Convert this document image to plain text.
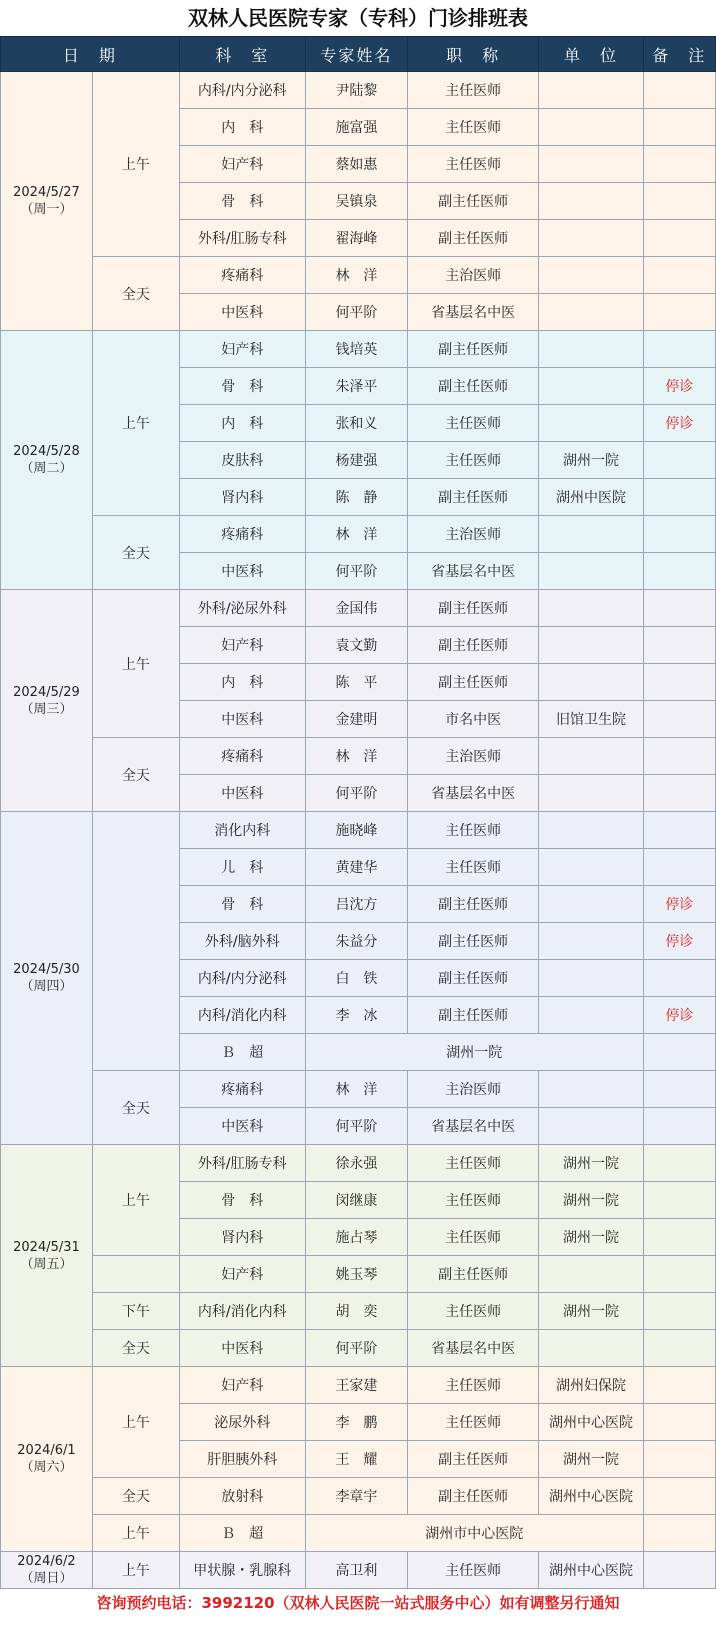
双林人民医院专家（专科）门诊排班表
日　期		科　室	专家姓名	职　称	单　位	备　注

2024/5/27
（周一）	上午	内科/内分泌科	尹陆黎	主任医师		
		内　科	施富强	主任医师		
		妇产科	蔡如惠	主任医师		
		骨　科	吴镇泉	副主任医师		
		外科/肛肠专科	翟海峰	副主任医师		
	全天	疼痛科	林　洋	主治医师		
		中医科	何平阶	省基层名中医		

2024/5/28
（周二）	上午	妇产科	钱培英	副主任医师		
		骨　科	朱泽平	副主任医师		停诊
		内　科	张和义	主任医师		停诊
		皮肤科	杨建强	主任医师	湖州一院	
		肾内科	陈　静	副主任医师	湖州中医院	
	全天	疼痛科	林　洋	主治医师		
		中医科	何平阶	省基层名中医		

2024/5/29
（周三）	上午	外科/泌尿外科	金国伟	副主任医师		
		妇产科	袁文勤	副主任医师		
		内　科	陈　平	副主任医师		
		中医科	金建明	市名中医	旧馆卫生院	
	全天	疼痛科	林　洋	主治医师		
		中医科	何平阶	省基层名中医		

2024/5/30
（周四）		消化内科	施晓峰	主任医师		
		儿　科	黄建华	主任医师		
		骨　科	吕沈方	副主任医师		停诊
		外科/脑外科	朱益分	副主任医师		停诊
		内科/内分泌科	白　铁	副主任医师		
		内科/消化内科	李　冰	副主任医师		停诊
		Ｂ　超	湖州一院			
	全天	疼痛科	林　洋	主治医师		
		中医科	何平阶	省基层名中医		

2024/5/31
（周五）	上午	外科/肛肠专科	徐永强	主任医师	湖州一院	
		骨　科	闵继康	主任医师	湖州一院	
		肾内科	施占琴	主任医师	湖州一院	
		妇产科	姚玉琴	副主任医师		
	下午	内科/消化内科	胡　奕	主任医师	湖州一院	
	全天	中医科	何平阶	省基层名中医		

2024/6/1
（周六）	上午	妇产科	王家建	主任医师	湖州妇保院	
		泌尿外科	李　鹏	主任医师	湖州中心医院	
		肝胆胰外科	王　耀	副主任医师	湖州一院	
	全天	放射科	李章宇	副主任医师	湖州中心医院	
	上午	Ｂ　超	湖州市中心医院			

2024/6/2
（周日）	上午	甲状腺・乳腺科	高卫利	主任医师	湖州中心医院	
咨询预约电话：3992120（双林人民医院一站式服务中心）如有调整另行通知
